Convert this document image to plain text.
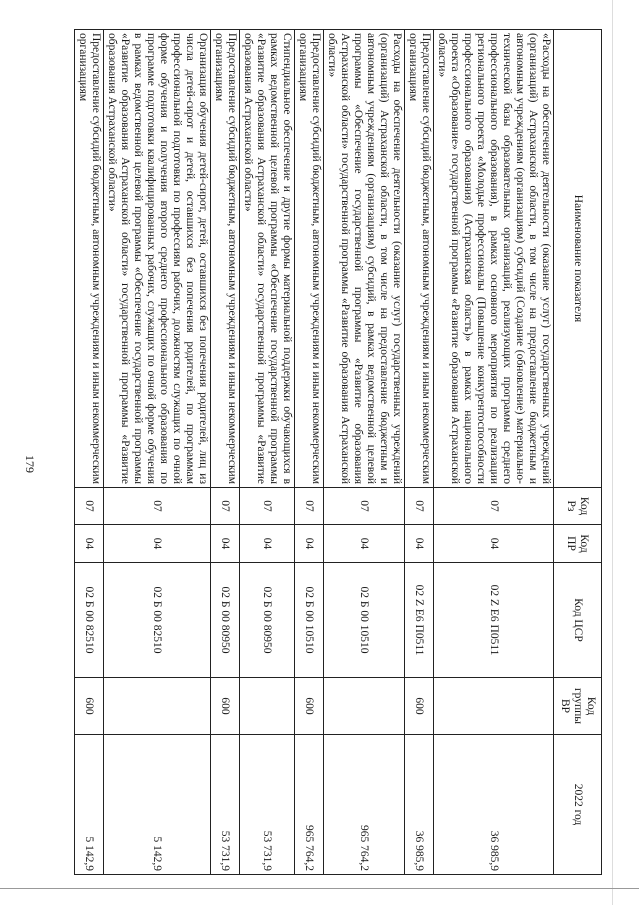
179
Наименование показателя	Код Рз	Код ПР	Код ЦСР	Код группы ВР	2022 год
«Расходы на обеспечение деятельности (оказание услуг) государственных учреждений (организаций) Астраханской области, в том числе на предоставление бюджетным и автономным учреждениям (организациям) субсидий (Создание (обновление) материально-технической базы образовательных организаций, реализующих программы среднего профессионального образования), в рамках основного мероприятия по реализации регионального проекта «Молодые профессионалы (Повышение конкурентоспособности профессионального образования) (Астраханская область)» в рамках национального проекта «Образование» государственной программы «Развитие образования Астраханской области»	07	04	02 Z E6 П0511		36 985,9
Предоставление субсидий бюджетным, автономным учреждениям и иным некоммерческим организациям	07	04	02 Z E6 П0511	600	36 985,9
Расходы на обеспечение деятельности (оказание услуг) государственных учреждений (организаций) Астраханской области, в том числе на предоставление бюджетным и автономным учреждениям (организациям) субсидий, в рамках ведомственной целевой программы «Обеспечение государственной программы «Развитие образования Астраханской области» государственной программы «Развитие образования Астраханской области»	07	04	02 Б 00 10510		965 764,2
Предоставление субсидий бюджетным, автономным учреждениям и иным некоммерческим организациям	07	04	02 Б 00 10510	600	965 764,2
Стипендиальное обеспечение и другие формы материальной поддержки обучающихся в рамках ведомственной целевой программы «Обеспечение государственной программы «Развитие образования Астраханской области» государственной программы «Развитие образования Астраханской области»	07	04	02 Б 00 80950		53 731,9
Предоставление субсидий бюджетным, автономным учреждениям и иным некоммерческим организациям	07	04	02 Б 00 80950	600	53 731,9
Организация обучения детей-сирот, детей, оставшихся без попечения родителей, лиц из числа детей-сирот и детей, оставшихся без попечения родителей, по программам профессиональной подготовки по профессиям рабочих, должностям служащих по очной форме обучения и получения второго среднего профессионального образования по программе подготовки квалифицированных рабочих, служащих по очной форме обучения в рамках ведомственной целевой программы «Обеспечение государственной программы «Развитие образования Астраханской области» государственной программы «Развитие образования Астраханской области»	07	04	02 Б 00 82510		5 142,9
Предоставление субсидий бюджетным, автономным учреждениям и иным некоммерческим организациям	07	04	02 Б 00 82510	600	5 142,9
